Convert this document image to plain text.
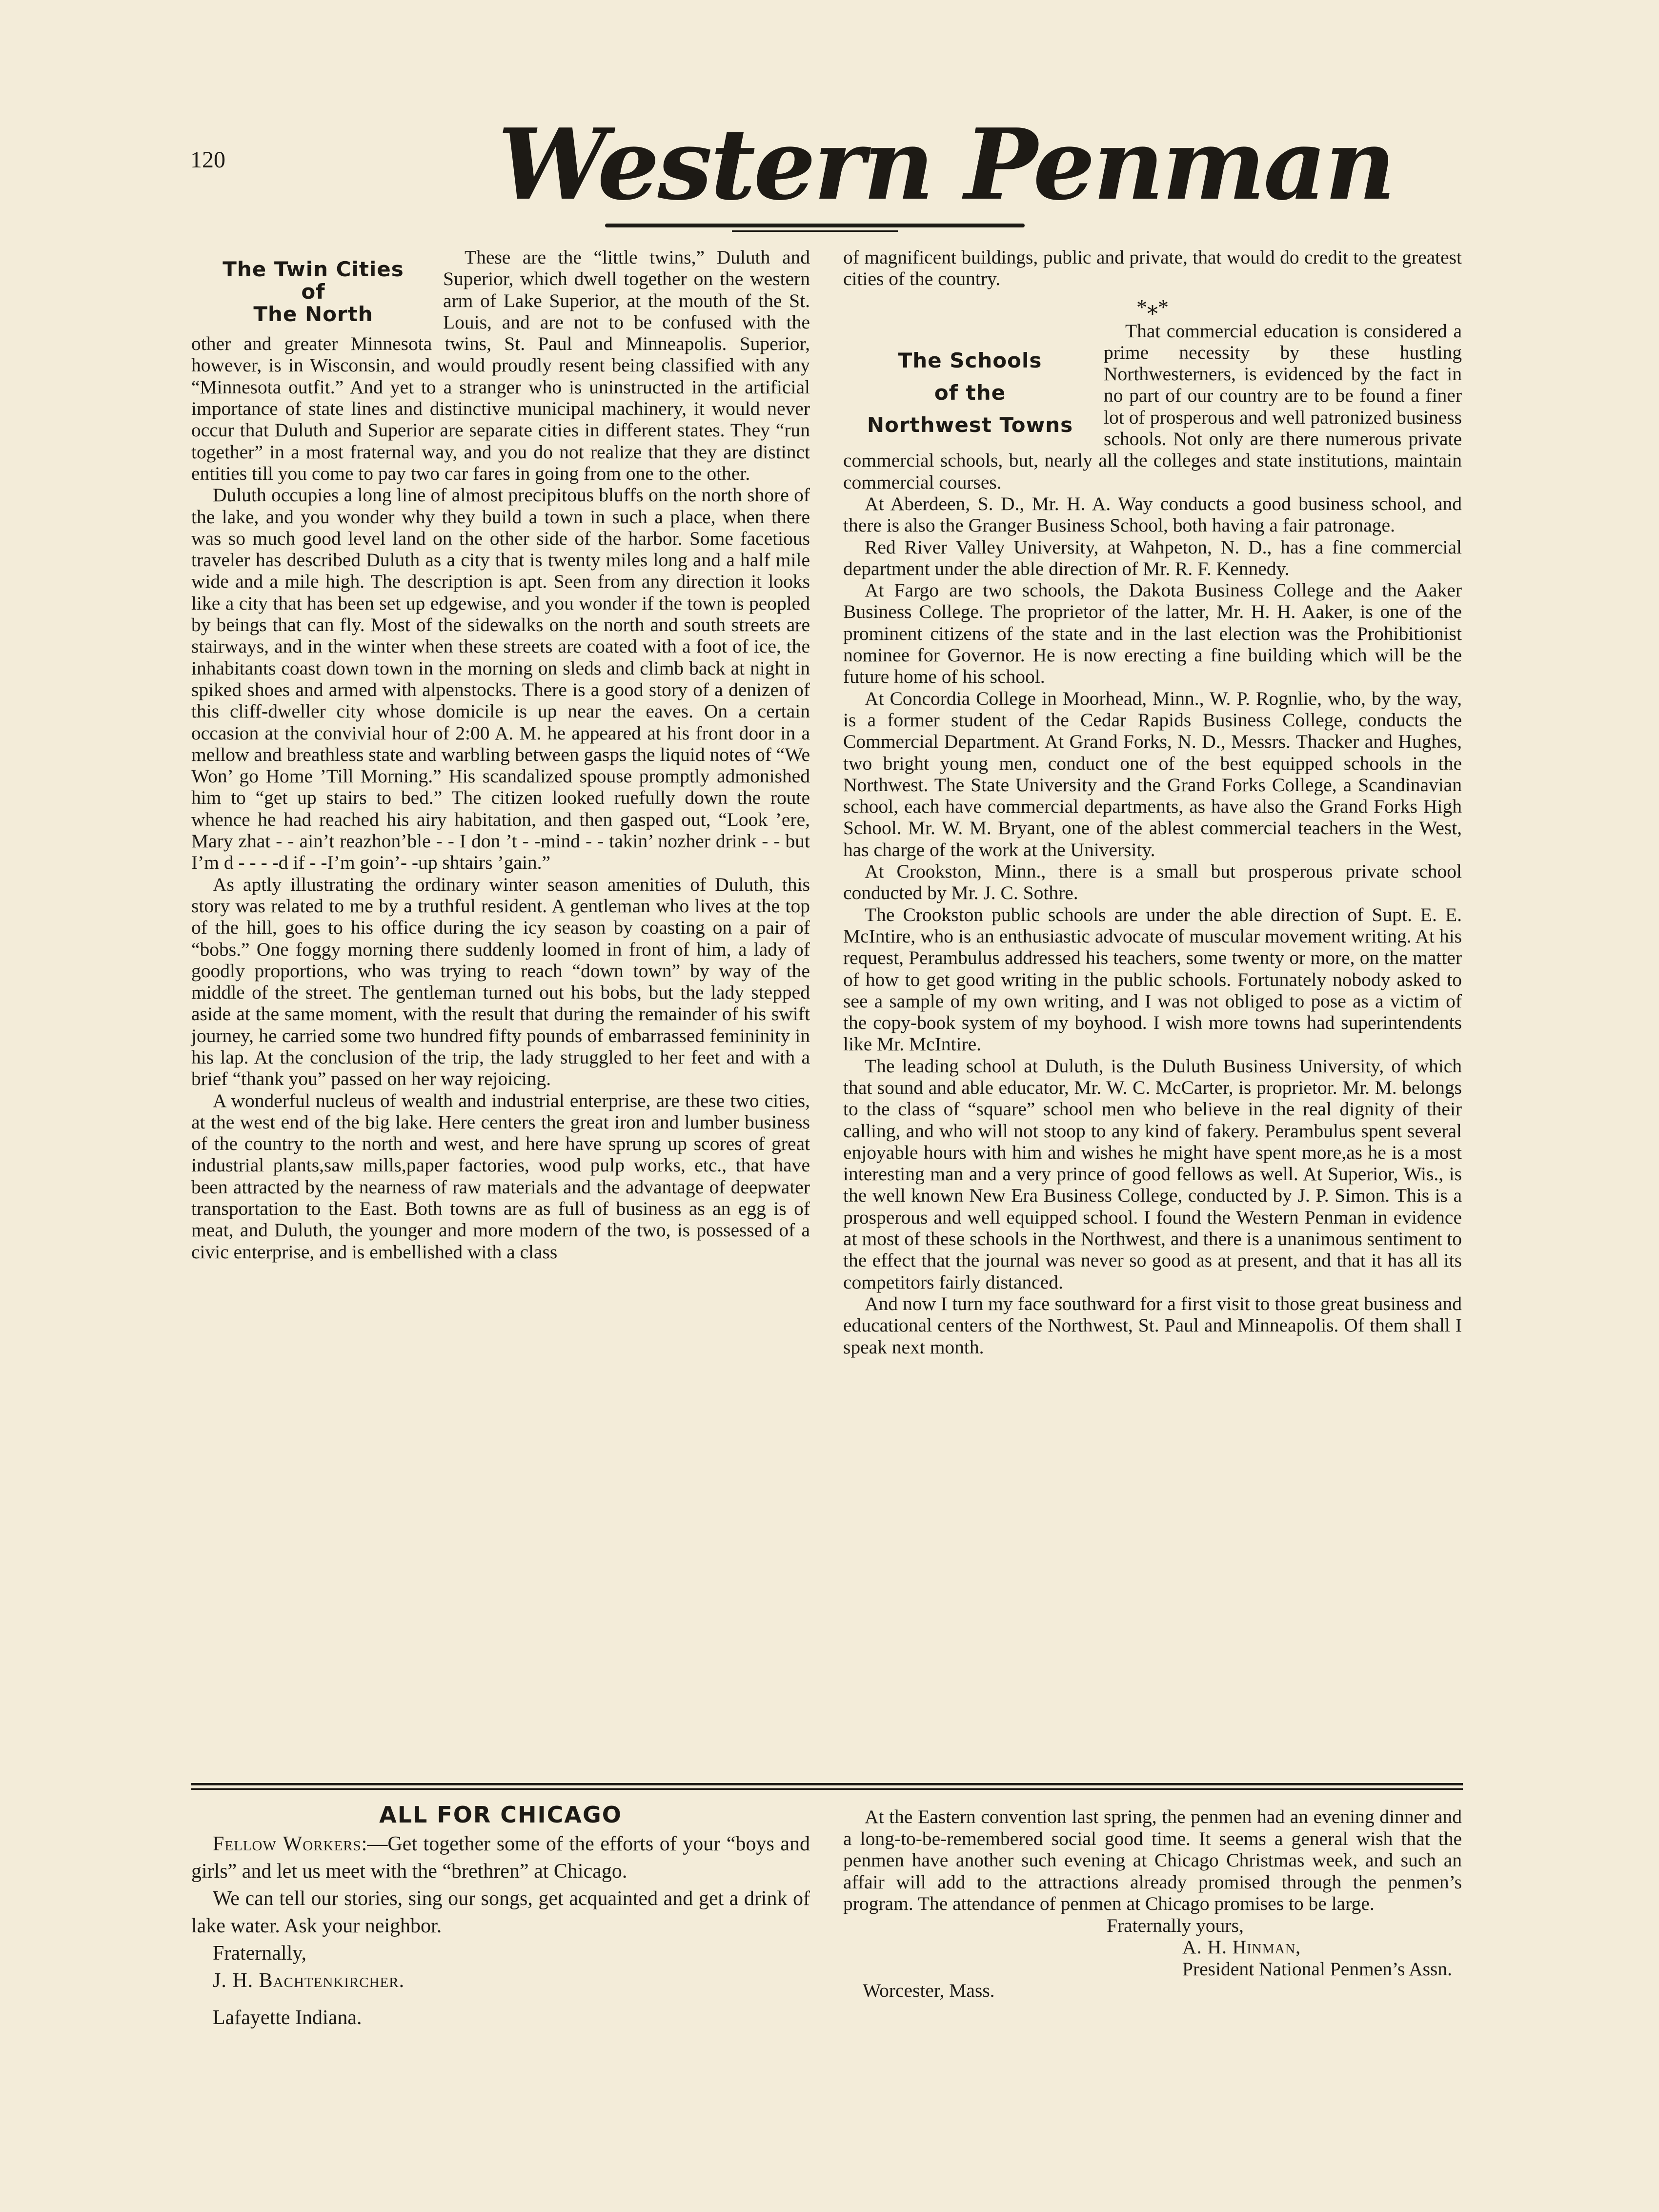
120	Western Penman
The Twin Cities
of
The North

These are the “little twins,” Duluth and Superior, which dwell together on the western arm of Lake Superior, at the mouth of the St. Louis, and are not to be confused with the other and greater Minnesota twins, St. Paul and Minneapolis. Superior, however, is in Wisconsin, and would proudly resent being classified with any “Minnesota outfit.” And yet to a stranger who is uninstructed in the artificial importance of state lines and distinctive municipal machinery, it would never occur that Duluth and Superior are separate cities in different states. They “run together” in a most fraternal way, and you do not realize that they are distinct entities till you come to pay two car fares in going from one to the other.

Duluth occupies a long line of almost precipitous bluffs on the north shore of the lake, and you wonder why they build a town in such a place, when there was so much good level land on the other side of the harbor. Some facetious traveler has described Duluth as a city that is twenty miles long and a half mile wide and a mile high. The description is apt. Seen from any direction it looks like a city that has been set up edgewise, and you wonder if the town is peopled by beings that can fly. Most of the sidewalks on the north and south streets are stairways, and in the winter when these streets are coated with a foot of ice, the inhabitants coast down town in the morning on sleds and climb back at night in spiked shoes and armed with alpenstocks. There is a good story of a denizen of this cliff-dweller city whose domicile is up near the eaves. On a certain occasion at the convivial hour of 2:00 A. M. he appeared at his front door in a mellow and breathless state and warbling between gasps the liquid notes of “We Won’ go Home ’Till Morning.” His scandalized spouse promptly admonished him to “get up stairs to bed.” The citizen looked ruefully down the route whence he had reached his airy habitation, and then gasped out, “Look ’ere, Mary zhat - - ain’t reazhon’ble - - I don ’t - -mind - - takin’ nozher drink - - but I’m d - - - -d if - -I’m goin’- -up shtairs ’gain.”

As aptly illustrating the ordinary winter season amenities of Duluth, this story was related to me by a truthful resident. A gentleman who lives at the top of the hill, goes to his office during the icy season by coasting on a pair of “bobs.” One foggy morning there suddenly loomed in front of him, a lady of goodly proportions, who was trying to reach “down town” by way of the middle of the street. The gentleman turned out his bobs, but the lady stepped aside at the same moment, with the result that during the remainder of his swift journey, he carried some two hundred fifty pounds of embarrassed femininity in his lap. At the conclusion of the trip, the lady struggled to her feet and with a brief “thank you” passed on her way rejoicing.

A wonderful nucleus of wealth and industrial enterprise, are these two cities, at the west end of the big lake. Here centers the great iron and lumber business of the country to the north and west, and here have sprung up scores of great industrial plants,saw mills,paper factories, wood pulp works, etc., that have been attracted by the nearness of raw materials and the advantage of deepwater transportation to the East. Both towns are as full of business as an egg is of meat, and Duluth, the younger and more modern of the two, is possessed of a civic enterprise, and is embellished with a class

of magnificent buildings, public and private, that would do credit to the greatest cities of the country.

*⁎*
The Schools
of the
Northwest Towns

That commercial education is considered a prime necessity by these hustling Northwesterners, is evidenced by the fact in no part of our country are to be found a finer lot of prosperous and well patronized business schools. Not only are there numerous private commercial schools, but, nearly all the colleges and state institutions, maintain commercial courses.

At Aberdeen, S. D., Mr. H. A. Way conducts a good business school, and there is also the Granger Business School, both having a fair patronage.

Red River Valley University, at Wahpeton, N. D., has a fine commercial department under the able direction of Mr. R. F. Kennedy.

At Fargo are two schools, the Dakota Business College and the Aaker Business College. The proprietor of the latter, Mr. H. H. Aaker, is one of the prominent citizens of the state and in the last election was the Prohibitionist nominee for Governor. He is now erecting a fine building which will be the future home of his school.

At Concordia College in Moorhead, Minn., W. P. Rognlie, who, by the way, is a former student of the Cedar Rapids Business College, conducts the Commercial Department. At Grand Forks, N. D., Messrs. Thacker and Hughes, two bright young men, conduct one of the best equipped schools in the Northwest. The State University and the Grand Forks College, a Scandinavian school, each have commercial departments, as have also the Grand Forks High School. Mr. W. M. Bryant, one of the ablest commercial teachers in the West, has charge of the work at the University.

At Crookston, Minn., there is a small but prosperous private school conducted by Mr. J. C. Sothre.

The Crookston public schools are under the able direction of Supt. E. E. McIntire, who is an enthusiastic advocate of muscular movement writing. At his request, Perambulus addressed his teachers, some twenty or more, on the matter of how to get good writing in the public schools. Fortunately nobody asked to see a sample of my own writing, and I was not obliged to pose as a victim of the copy-book system of my boyhood. I wish more towns had superintendents like Mr. McIntire.

The leading school at Duluth, is the Duluth Business University, of which that sound and able educator, Mr. W. C. McCarter, is proprietor. Mr. M. belongs to the class of “square” school men who believe in the real dignity of their calling, and who will not stoop to any kind of fakery. Perambulus spent several enjoyable hours with him and wishes he might have spent more,as he is a most interesting man and a very prince of good fellows as well. At Superior, Wis., is the well known New Era Business College, conducted by J. P. Simon. This is a prosperous and well equipped school. I found the Western Penman in evidence at most of these schools in the Northwest, and there is a unanimous sentiment to the effect that the journal was never so good as at present, and that it has all its competitors fairly distanced.

And now I turn my face southward for a first visit to those great business and educational centers of the Northwest, St. Paul and Minneapolis. Of them shall I speak next month.

ALL FOR CHICAGO

Fellow Workers:—Get together some of the efforts of your “boys and girls” and let us meet with the “brethren” at Chicago.

We can tell our stories, sing our songs, get acquainted and get a drink of lake water. Ask your neighbor.

Fraternally,

J. H. Bachtenkircher.

Lafayette Indiana.

At the Eastern convention last spring, the penmen had an evening dinner and a long-to-be-remembered social good time. It seems a general wish that the penmen have another such evening at Chicago Christmas week, and such an affair will add to the attractions already promised through the penmen’s program. The attendance of penmen at Chicago promises to be large.

Fraternally yours,

A. H. Hinman,

President National Penmen’s Assn.

Worcester, Mass.
